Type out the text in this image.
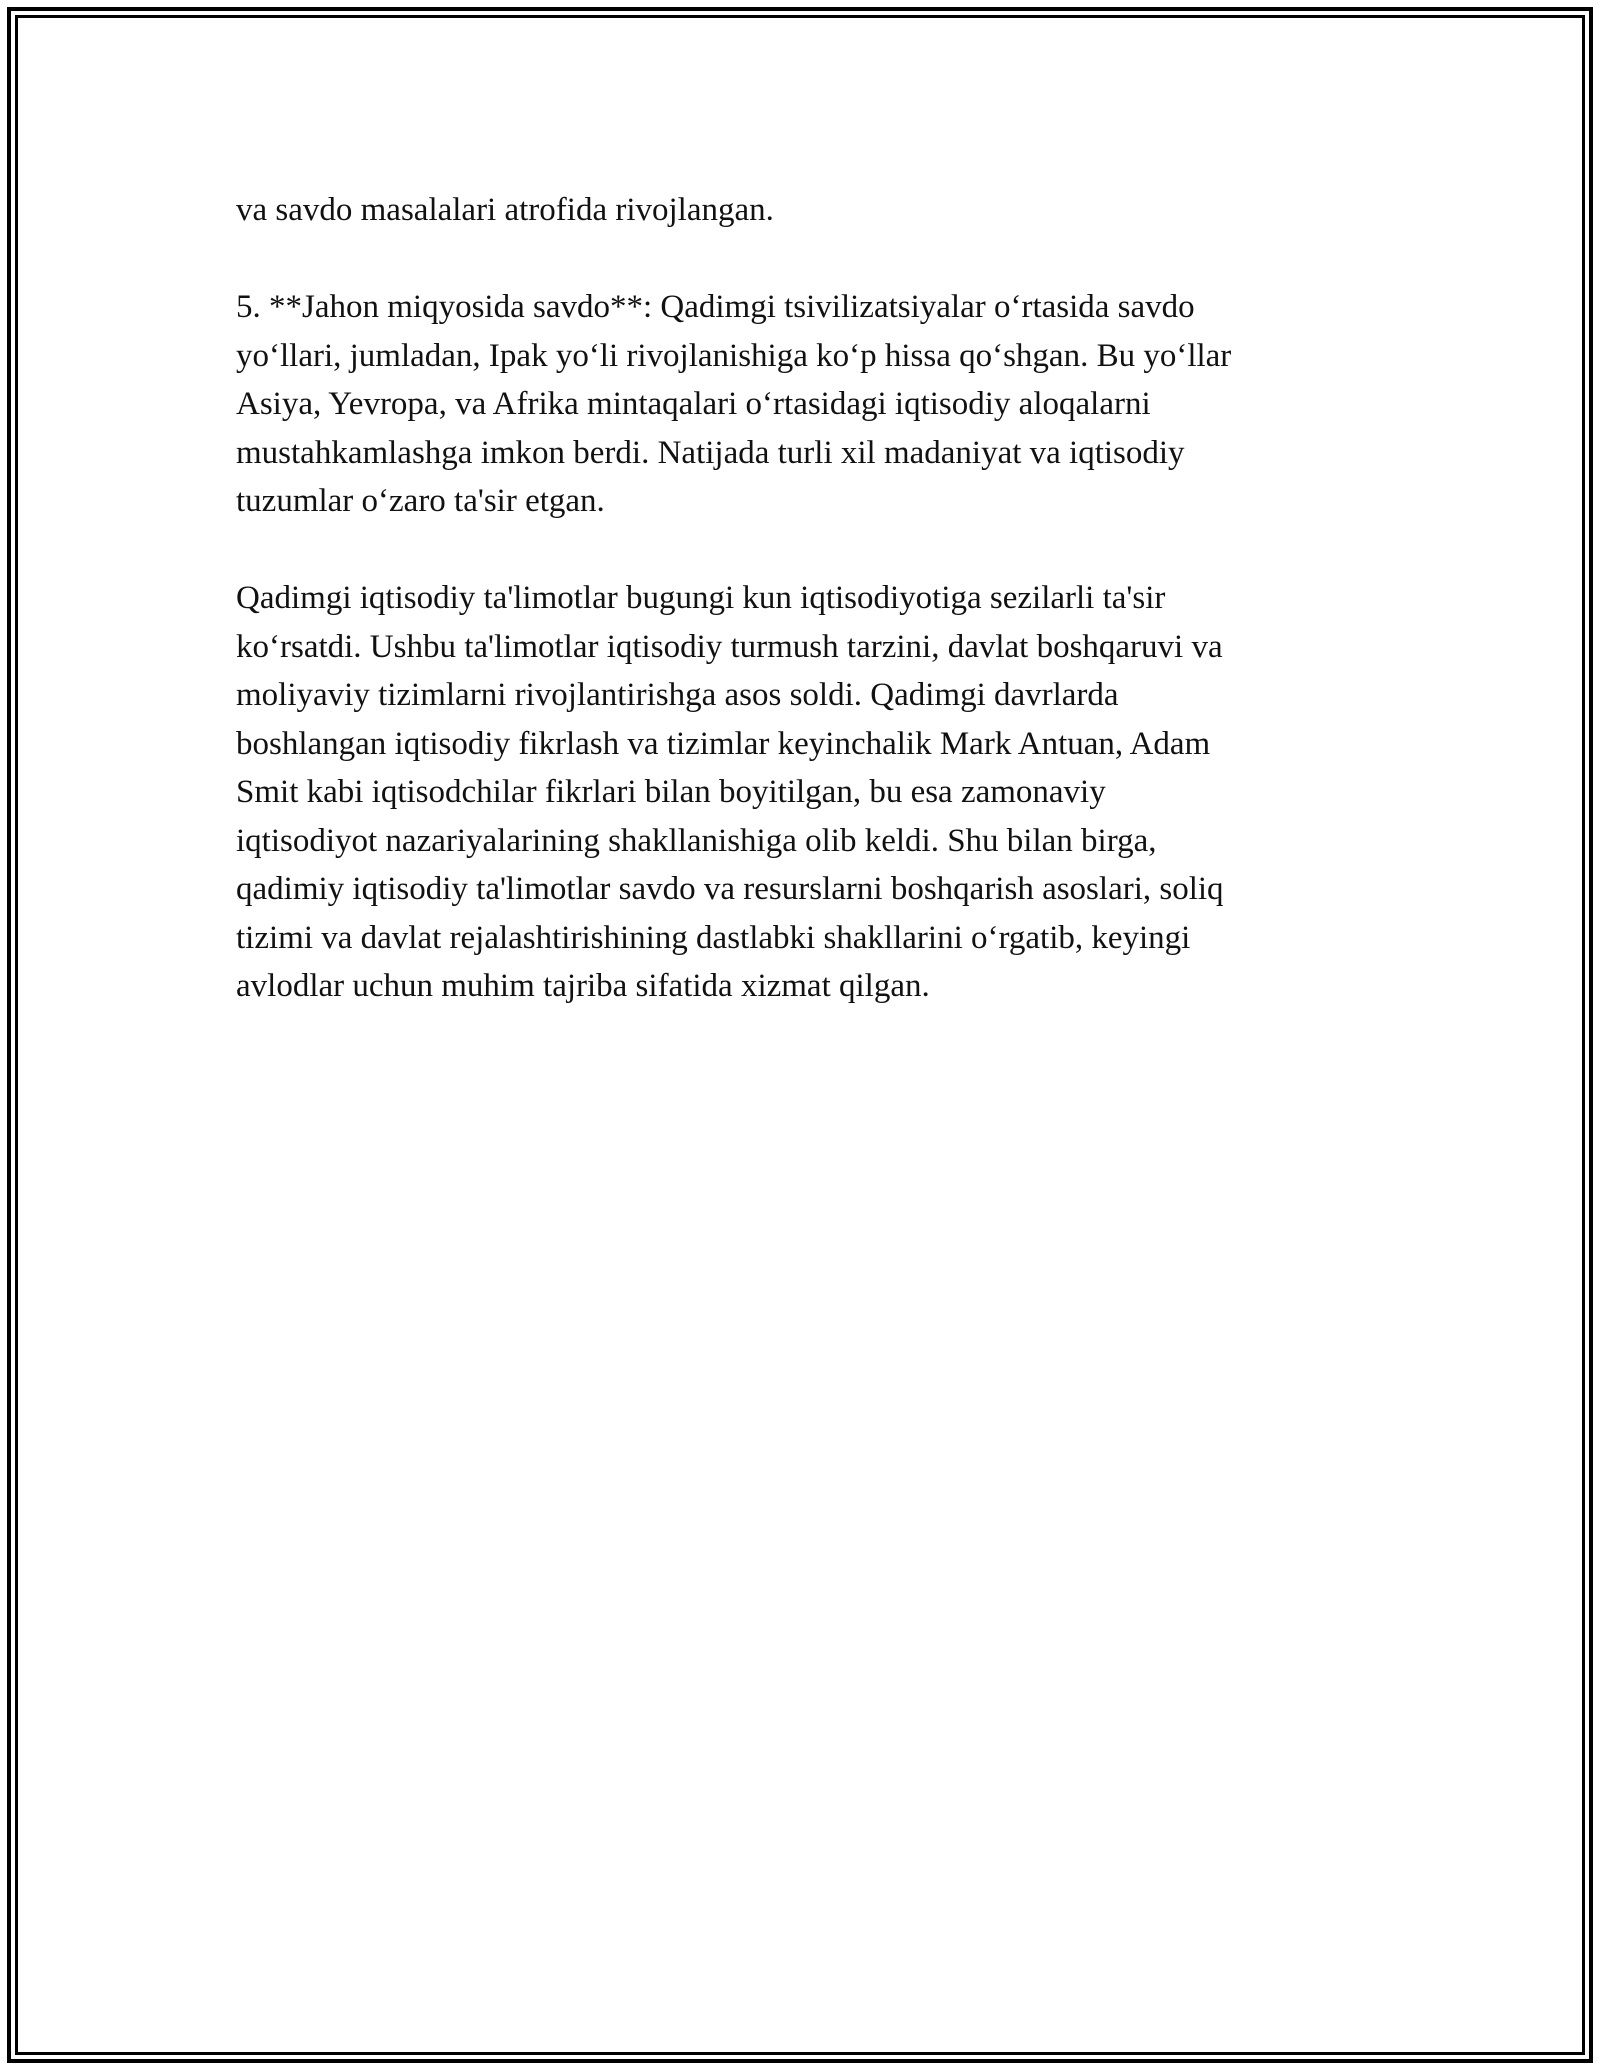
va savdo masalalari atrofida rivojlangan.

5. **Jahon miqyosida savdo**: Qadimgi tsivilizatsiyalar o‘rtasida savdo
yo‘llari, jumladan, Ipak yo‘li rivojlanishiga ko‘p hissa qo‘shgan. Bu yo‘llar
Asiya, Yevropa, va Afrika mintaqalari o‘rtasidagi iqtisodiy aloqalarni
mustahkamlashga imkon berdi. Natijada turli xil madaniyat va iqtisodiy
tuzumlar o‘zaro ta'sir etgan.

Qadimgi iqtisodiy ta'limotlar bugungi kun iqtisodiyotiga sezilarli ta'sir
ko‘rsatdi. Ushbu ta'limotlar iqtisodiy turmush tarzini, davlat boshqaruvi va
moliyaviy tizimlarni rivojlantirishga asos soldi. Qadimgi davrlarda
boshlangan iqtisodiy fikrlash va tizimlar keyinchalik Mark Antuan, Adam
Smit kabi iqtisodchilar fikrlari bilan boyitilgan, bu esa zamonaviy
iqtisodiyot nazariyalarining shakllanishiga olib keldi. Shu bilan birga,
qadimiy iqtisodiy ta'limotlar savdo va resurslarni boshqarish asoslari, soliq
tizimi va davlat rejalashtirishining dastlabki shakllarini o‘rgatib, keyingi
avlodlar uchun muhim tajriba sifatida xizmat qilgan.
